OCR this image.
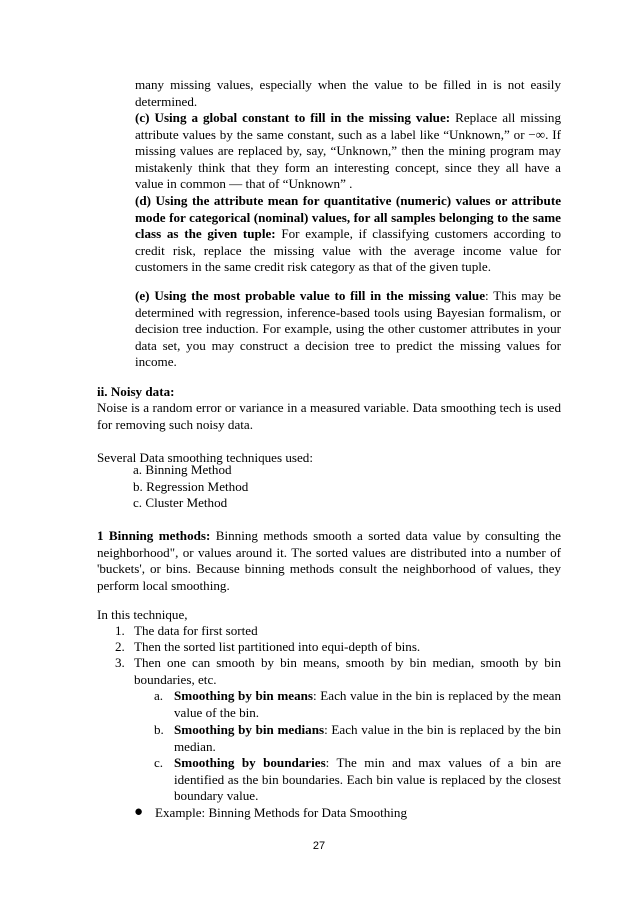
many missing values, especially when the value to be filled in is not easily determined.

(c) Using a global constant to fill in the missing value: Replace all missing attribute values by the same constant, such as a label like “Unknown,” or −∞. If missing values are replaced by, say, “Unknown,” then the mining program may mistakenly think that they form an interesting concept, since they all have a value in common — that of “Unknown” .

(d) Using the attribute mean for quantitative (numeric) values or attribute mode for categorical (nominal) values, for all samples belonging to the same class as the given tuple: For example, if classifying customers according to credit risk, replace the missing value with the average income value for customers in the same credit risk category as that of the given tuple.

(e) Using the most probable value to fill in the missing value: This may be determined with regression, inference-based tools using Bayesian formalism, or decision tree induction. For example, using the other customer attributes in your data set, you may construct a decision tree to predict the missing values for income.

ii. Noisy data:

Noise is a random error or variance in a measured variable. Data smoothing tech is used for removing such noisy data.

Several Data smoothing techniques used:

a. Binning Method
b. Regression Method
c. Cluster Method

1 Binning methods: Binning methods smooth a sorted data value by consulting the neighborhood", or values around it. The sorted values are distributed into a number of 'buckets', or bins. Because binning methods consult the neighborhood of values, they perform local smoothing.

In this technique,

1. The data for first sorted
2. Then the sorted list partitioned into equi-depth of bins.
3. Then one can smooth by bin means, smooth by bin median, smooth by bin boundaries, etc.
a. Smoothing by bin means: Each value in the bin is replaced by the mean value of the bin.
b. Smoothing by bin medians: Each value in the bin is replaced by the bin median.
c. Smoothing by boundaries: The min and max values of a bin are identified as the bin boundaries. Each bin value is replaced by the closest boundary value.
● Example: Binning Methods for Data Smoothing
27
